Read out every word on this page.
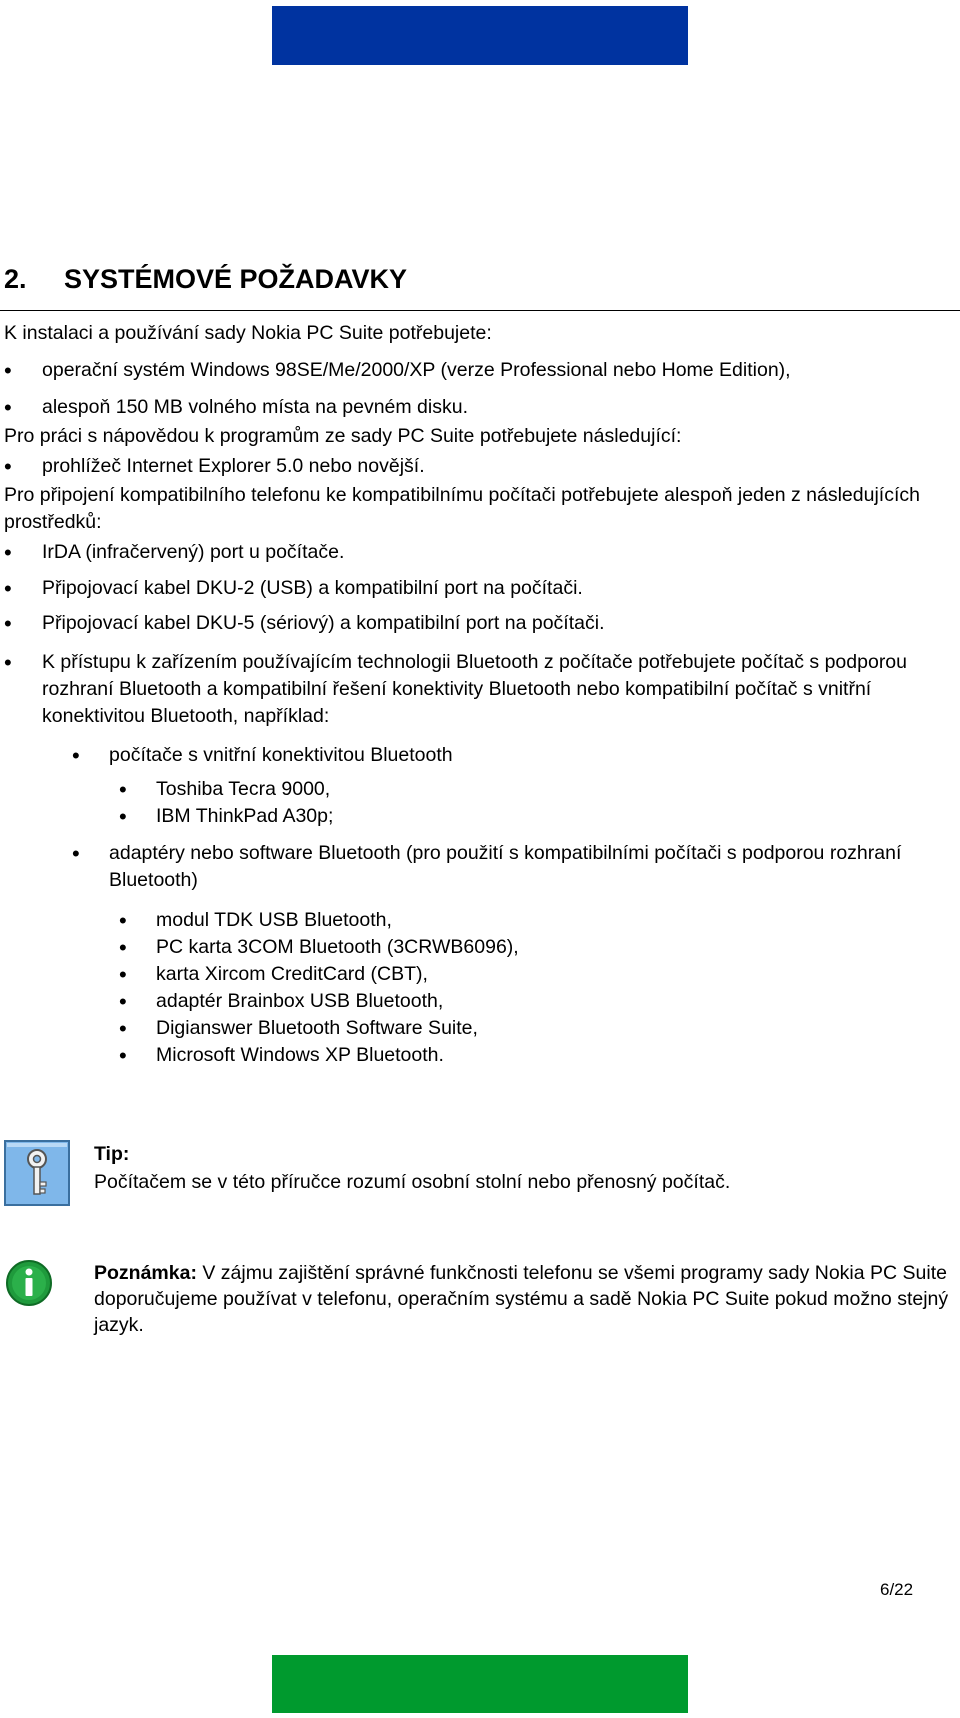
2. SYSTÉMOVÉ POŽADAVKY

K instalaci a používání sady Nokia PC Suite potřebujete:

• operační systém Windows 98SE/Me/2000/XP (verze Professional nebo Home Edition),
• alespoň 150 MB volného místa na pevném disku.

Pro práci s nápovědou k programům ze sady PC Suite potřebujete následující:

• prohlížeč Internet Explorer 5.0 nebo novější.

Pro připojení kompatibilního telefonu ke kompatibilnímu počítači potřebujete alespoň jeden z následujících prostředků:

• IrDA (infračervený) port u počítače.
• Připojovací kabel DKU-2 (USB) a kompatibilní port na počítači.
• Připojovací kabel DKU-5 (sériový) a kompatibilní port na počítači.
• K přístupu k zařízením používajícím technologii Bluetooth z počítače potřebujete počítač s podporou rozhraní Bluetooth a kompatibilní řešení konektivity Bluetooth nebo kompatibilní počítač s vnitřní konektivitou Bluetooth, například:
• počítače s vnitřní konektivitou Bluetooth
• Toshiba Tecra 9000,
• IBM ThinkPad A30p;
• adaptéry nebo software Bluetooth (pro použití s kompatibilními počítači s podporou rozhraní Bluetooth)
• modul TDK USB Bluetooth,
• PC karta 3COM Bluetooth (3CRWB6096),
• karta Xircom CreditCard (CBT),
• adaptér Brainbox USB Bluetooth,
• Digianswer Bluetooth Software Suite,
• Microsoft Windows XP Bluetooth.
Tip:
Počítačem se v této příručce rozumí osobní stolní nebo přenosný počítač.
Poznámka: V zájmu zajištění správné funkčnosti telefonu se všemi programy sady Nokia PC Suite doporučujeme používat v telefonu, operačním systému a sadě Nokia PC Suite pokud možno stejný jazyk.
6/22
